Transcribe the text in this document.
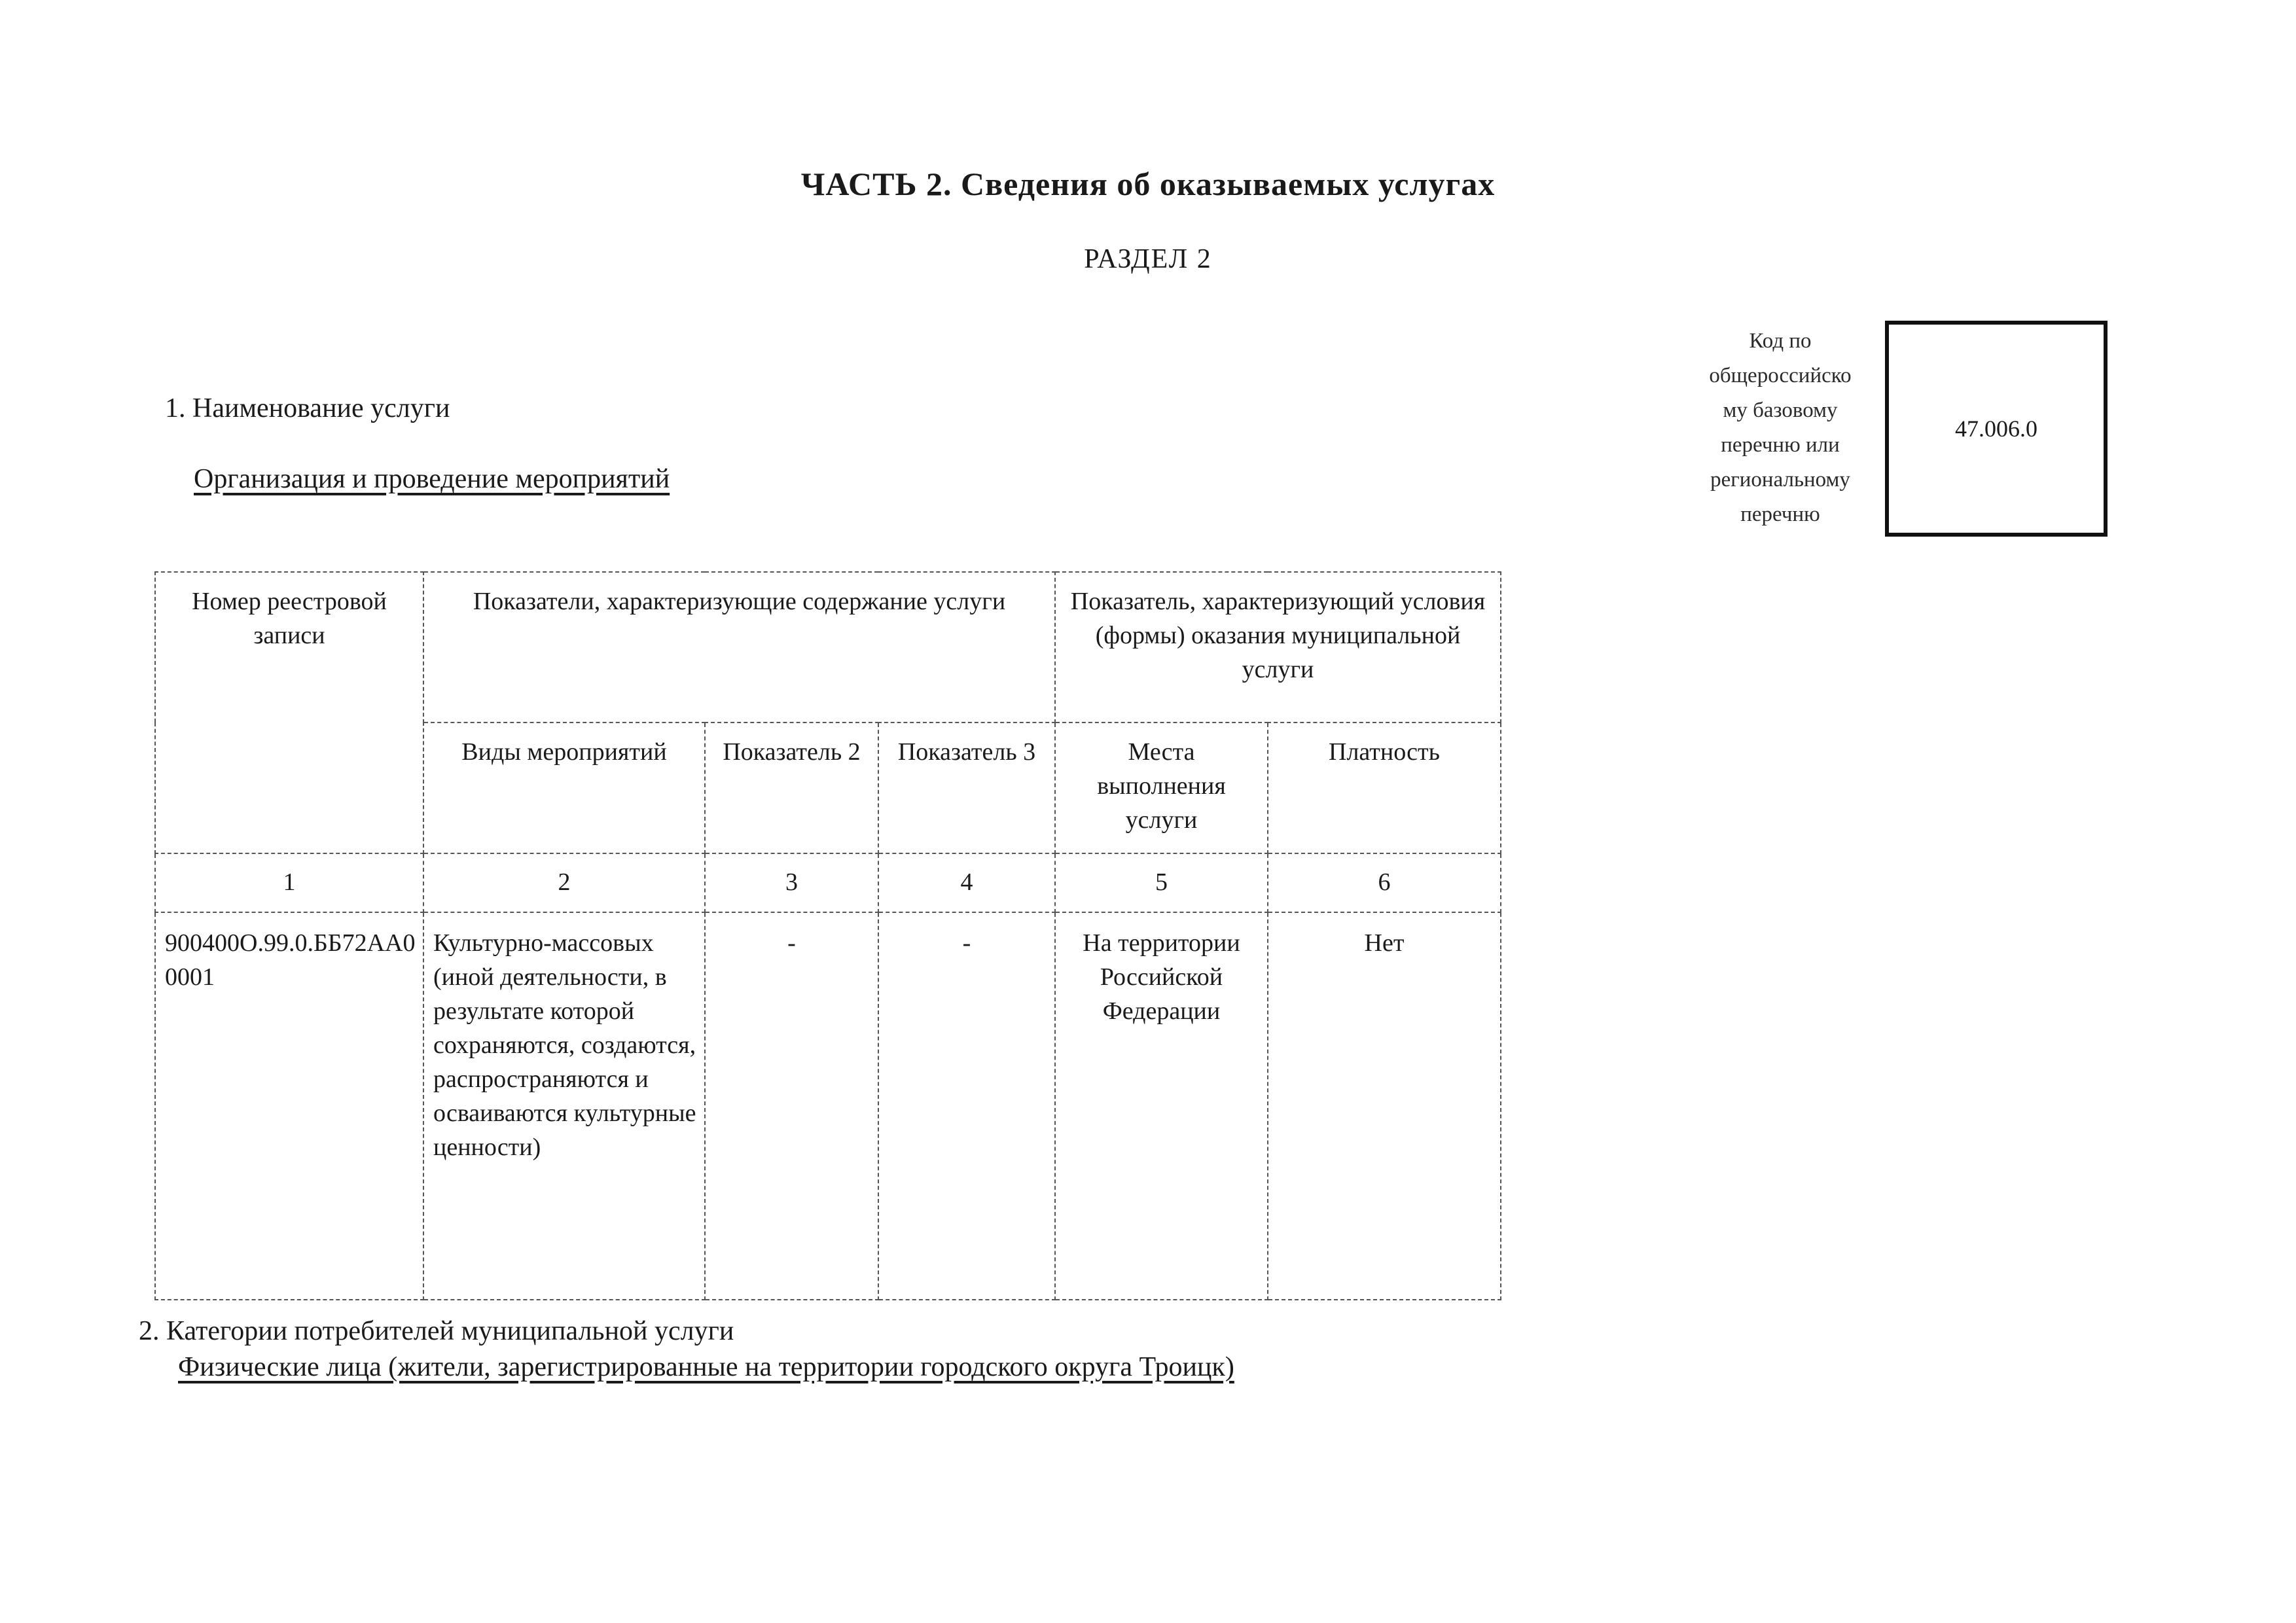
ЧАСТЬ 2. Сведения об оказываемых услугах
РАЗДЕЛ 2
Код по
общероссийско
му базовому
перечню или
региональному
перечню
47.006.0
1. Наименование услуги
Организация и проведение мероприятий
Номер реестровой записи	Показатели, характеризующие содержание услуги			Показатель, характеризующий условия (формы) оказания муниципальной услуги	
	Виды мероприятий	Показатель 2	Показатель 3	Места выполнения услуги	Платность
1	2	3	4	5	6
900400О.99.0.ББ72АА00001	Культурно-массовых (иной деятельности, в результате которой сохраняются, создаются, распространяются и осваиваются культурные ценности)	-	-	На территории Российской Федерации	Нет
2. Категории потребителей муниципальной услуги
Физические лица (жители, зарегистрированные на территории городского округа Троицк)
